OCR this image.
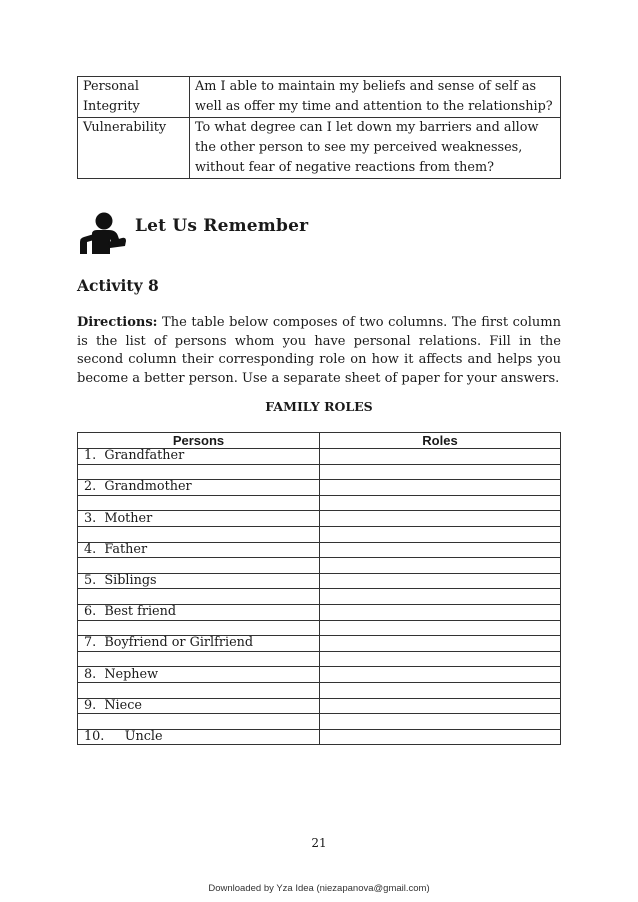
Personal Integrity	Am I able to maintain my beliefs and sense of self as well as offer my time and attention to the relationship?
Vulnerability	To what degree can I let down my barriers and allow the other person to see my perceived weaknesses, without fear of negative reactions from them?
Let Us Remember
Activity 8
Directions: The table below composes of two columns. The first column is the list of persons whom you have personal relations. Fill in the second column their corresponding role on how it affects and helps you become a better person. Use a separate sheet of paper for your answers.
FAMILY ROLES
Persons	Roles
1.  Grandfather	

2.  Grandmother	

3.  Mother	

4.  Father	

5.  Siblings	

6.  Best friend	

7.  Boyfriend or Girlfriend	

8.  Nephew	

9.  Niece	

10.     Uncle	
21
Downloaded by Yza Idea (niezapanova@gmail.com)
